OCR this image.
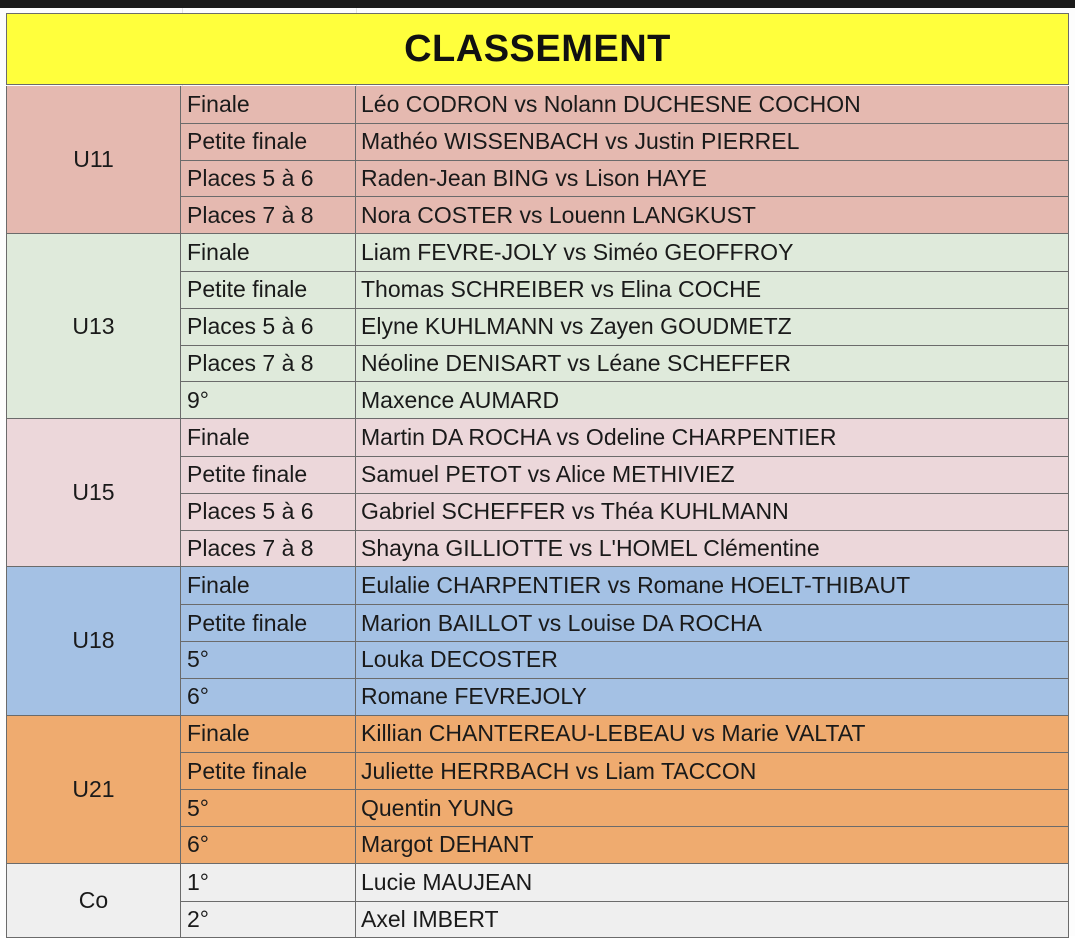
CLASSEMENT
U11
Finale	Léo CODRON vs Nolann DUCHESNE COCHON
Petite finale	Mathéo WISSENBACH vs Justin PIERREL
Places 5 à 6	Raden-Jean BING vs Lison HAYE
Places 7 à 8	Nora COSTER vs Louenn LANGKUST
U13
Finale	Liam FEVRE-JOLY vs Siméo GEOFFROY
Petite finale	Thomas SCHREIBER vs Elina COCHE
Places 5 à 6	Elyne KUHLMANN vs Zayen GOUDMETZ
Places 7 à 8	Néoline DENISART vs Léane SCHEFFER
9°	Maxence AUMARD
U15
Finale	Martin DA ROCHA vs Odeline CHARPENTIER
Petite finale	Samuel PETOT vs Alice METHIVIEZ
Places 5 à 6	Gabriel SCHEFFER vs Théa KUHLMANN
Places 7 à 8	Shayna GILLIOTTE vs L'HOMEL Clémentine
U18
Finale	Eulalie CHARPENTIER vs Romane HOELT-THIBAUT
Petite finale	Marion BAILLOT vs Louise DA ROCHA
5°	Louka DECOSTER
6°	Romane FEVREJOLY
U21
Finale	Killian CHANTEREAU-LEBEAU vs Marie VALTAT
Petite finale	Juliette HERRBACH vs Liam TACCON
5°	Quentin YUNG
6°	Margot DEHANT
Co
1°	Lucie MAUJEAN
2°	Axel IMBERT
